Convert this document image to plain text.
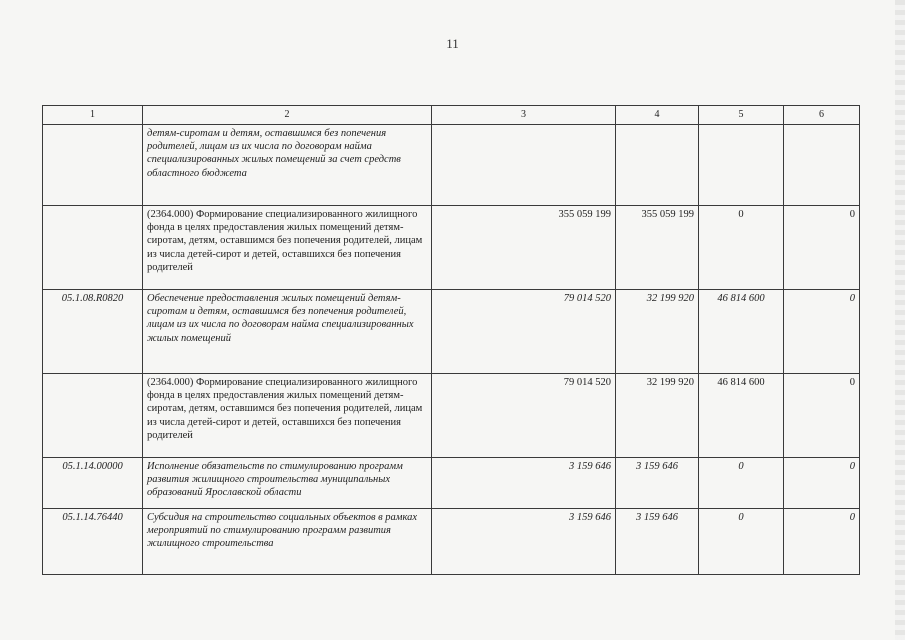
11
1	2	3	4	5	6
	детям-сиротам и детям, оставшимся без попечения родителей, лицам из их числа по договорам найма специализированных жилых помещений за счет средств областного бюджета				
	(2364.000) Формирование специализированного жилищного фонда в целях предоставления жилых помещений детям-сиротам, детям, оставшимся без попечения родителей, лицам из числа детей-сирот и детей, оставшихся без попечения родителей	355 059 199	355 059 199	0	0
05.1.08.R0820	Обеспечение предоставления жилых помещений детям-сиротам и детям, оставшимся без попечения родителей, лицам из их числа по договорам найма специализированных жилых помещений	79 014 520	32 199 920	46 814 600	0
	(2364.000) Формирование специализированного жилищного фонда в целях предоставления жилых помещений детям-сиротам, детям, оставшимся без попечения родителей, лицам из числа детей-сирот и детей, оставшихся без попечения родителей	79 014 520	32 199 920	46 814 600	0
05.1.14.00000	Исполнение обязательств по стимулированию программ развития жилищного строительства муниципальных образований Ярославской области	3 159 646	3 159 646	0	0
05.1.14.76440	Субсидия на строительство социальных объектов в рамках мероприятий по стимулированию программ развития жилищного строительства	3 159 646	3 159 646	0	0
